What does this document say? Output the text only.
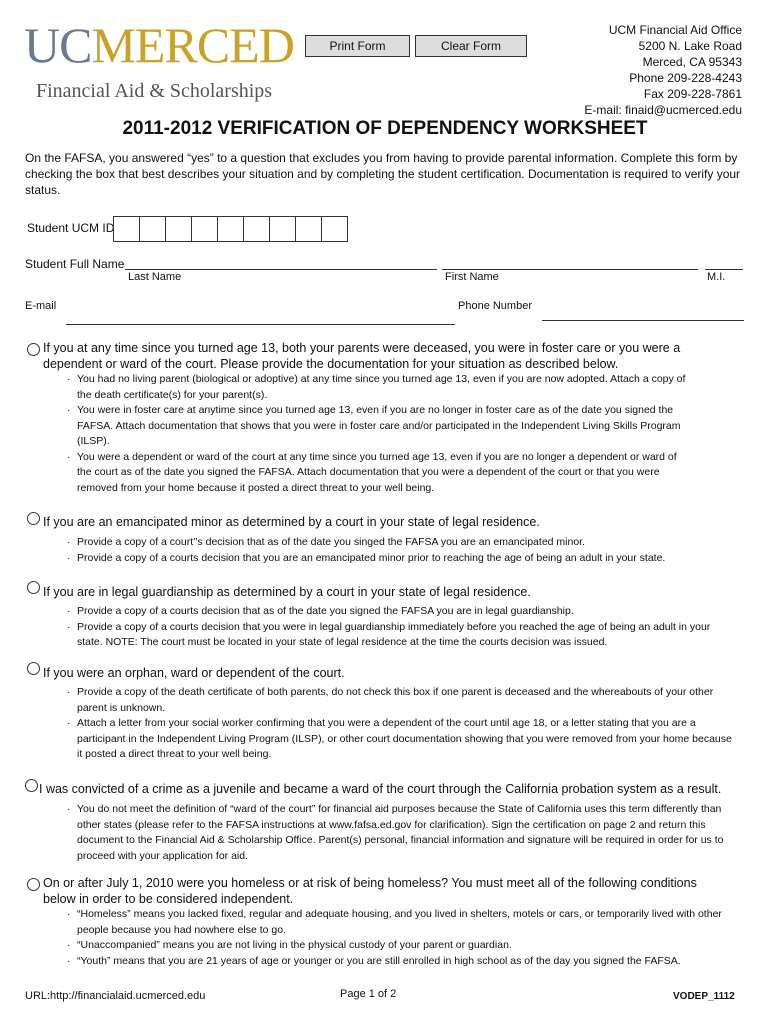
UCMERCED
Financial Aid & Scholarships
Print Form	Clear Form
UCM Financial Aid Office
5200 N. Lake Road
Merced, CA 95343
Phone 209-228-4243
Fax 209-228-7861
E-mail: finaid@ucmerced.edu
2011-2012 VERIFICATION OF DEPENDENCY WORKSHEET
On the FAFSA, you answered “yes” to a question that excludes you from having to provide parental information. Complete this form by checking the box that best describes your situation and by completing the student certification. Documentation is required to verify your status.
Student UCM ID
Student Full Name
Last Name	First Name	M.I.
E-mail	Phone Number
If you at any time since you turned age 13, both your parents were deceased, you were in foster care or you were a dependent or ward of the court. Please provide the documentation for your situation as described below.
· You had no living parent (biological or adoptive) at any time since you turned age 13, even if you are now adopted. Attach a copy of the death certificate(s) for your parent(s).
· You were in foster care at anytime since you turned age 13, even if you are no longer in foster care as of the date you signed the FAFSA. Attach documentation that shows that you were in foster care and/or participated in the Independent Living Skills Program (ILSP).
· You were a dependent or ward of the court at any time since you turned age 13, even if you are no longer a dependent or ward of the court as of the date you signed the FAFSA. Attach documentation that you were a dependent of the court or that you were removed from your home because it posted a direct threat to your well being.
If you are an emancipated minor as determined by a court in your state of legal residence.
· Provide a copy of a court’’s decision that as of the date you singed the FAFSA you are an emancipated minor.
· Provide a copy of a courts decision that you are an emancipated minor prior to reaching the age of being an adult in your state.
If you are in legal guardianship as determined by a court in your state of legal residence.
· Provide a copy of a courts decision that as of the date you signed the FAFSA you are in legal guardianship.
· Provide a copy of a courts decision that you were in legal guardianship immediately before you reached the age of being an adult in your state. NOTE: The court must be located in your state of legal residence at the time the courts decision was issued.
If you were an orphan, ward or dependent of the court.
· Provide a copy of the death certificate of both parents, do not check this box if one parent is deceased and the whereabouts of your other parent is unknown.
· Attach a letter from your social worker confirming that you were a dependent of the court until age 18, or a letter stating that you are a participant in the Independent Living Program (ILSP), or other court documentation showing that you were removed from your home because it posted a direct threat to your well being.
I was convicted of a crime as a juvenile and became a ward of the court through the California probation system as a result.
· You do not meet the definition of “ward of the court” for financial aid purposes because the State of California uses this term differently than other states (please refer to the FAFSA instructions at www.fafsa.ed.gov for clarification). Sign the certification on page 2 and return this document to the Financial Aid & Scholarship Office. Parent(s) personal, financial information and signature will be required in order for us to proceed with your application for aid.
On or after July 1, 2010 were you homeless or at risk of being homeless? You must meet all of the following conditions below in order to be considered independent.
· “Homeless” means you lacked fixed, regular and adequate housing, and you lived in shelters, motels or cars, or temporarily lived with other people because you had nowhere else to go.
· “Unaccompanied” means you are not living in the physical custody of your parent or guardian.
· “Youth” means that you are 21 years of age or younger or you are still enrolled in high school as of the day you signed the FAFSA.
URL:http://financialaid.ucmerced.edu	Page 1 of 2	VODEP_1112
